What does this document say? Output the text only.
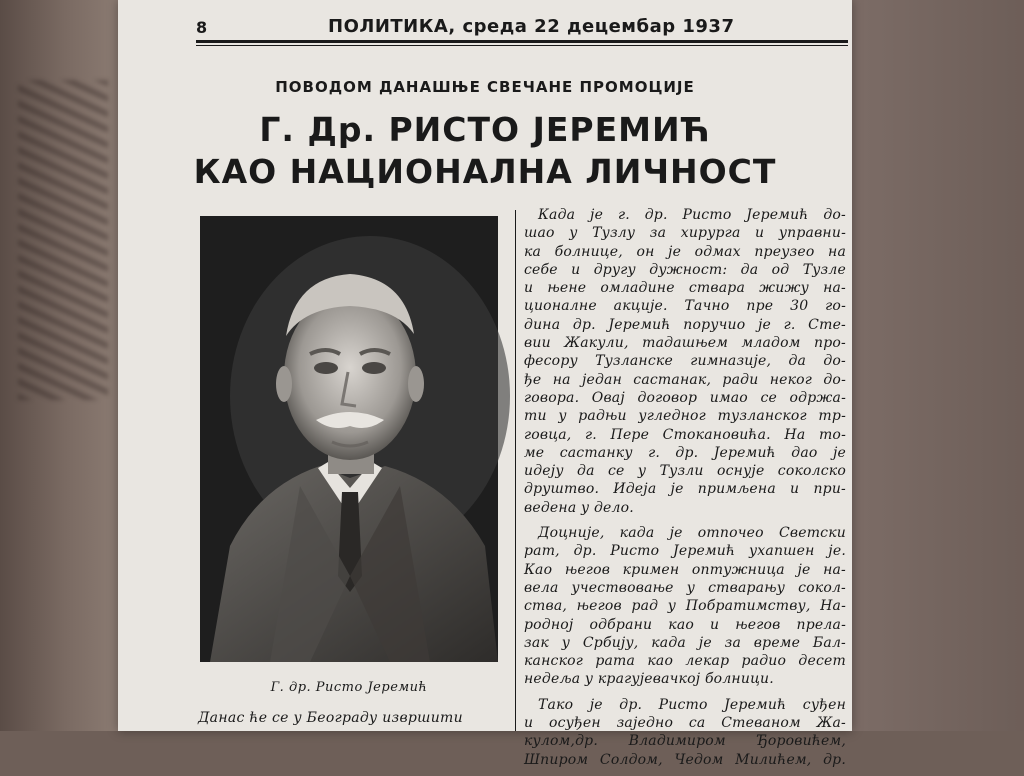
8	ПОЛИТИКА, среда 22 децембар 1937
ПОВОДОМ ДАНАШЊЕ СВЕЧАНЕ ПРОМОЦИЈЕ
Г. Др. РИСТО ЈЕРЕМИЋ
КАО НАЦИОНАЛНА ЛИЧНОСТ
Г. др. Ристо Јеремић
Данас ће се у Београду извршити
Када је г. др. Ристо Јеремић до-
шао у Тузлу за хирурга и управни-
ка болнице, он је одмах преузео на
себе и другу дужност: да од Тузле
и њене омладине ствара жижу на-
ционалне акције. Тачно пре 30 го-
дина др. Јеремић поручио је г. Сте-
вии Жакули, тадашњем младом про-
фесору Тузланске гимназије, да до-
ђе на један састанак, ради неког до-
говора. Овај договор имао се одржа-
ти у радњи угледног тузланског тр-
говца, г. Пере Стокановића. На то-
ме састанку г. др. Јеремић дао је
идеју да се у Тузли оснује соколско
друштво. Идеја је примљена и при-
ведена у дело.
Доцније, када је отпочео Светски
рат, др. Ристо Јеремић ухапшен је.
Као његов кримен оптужница је на-
вела учествовање у стварању сокол-
ства, његов рад у Побратимству, На-
родној одбрани као и његов прела-
зак у Србију, када је за време Бал-
канског рата као лекар радио десет
недеља у крагујевачкој болници.
Тако је др. Ристо Јеремић суђен
и осуђен заједно са Стеваном Жа-
кулом,др. Владимиром Ђоровићем,
Шпиром Солдом, Чедом Милићем, др.
